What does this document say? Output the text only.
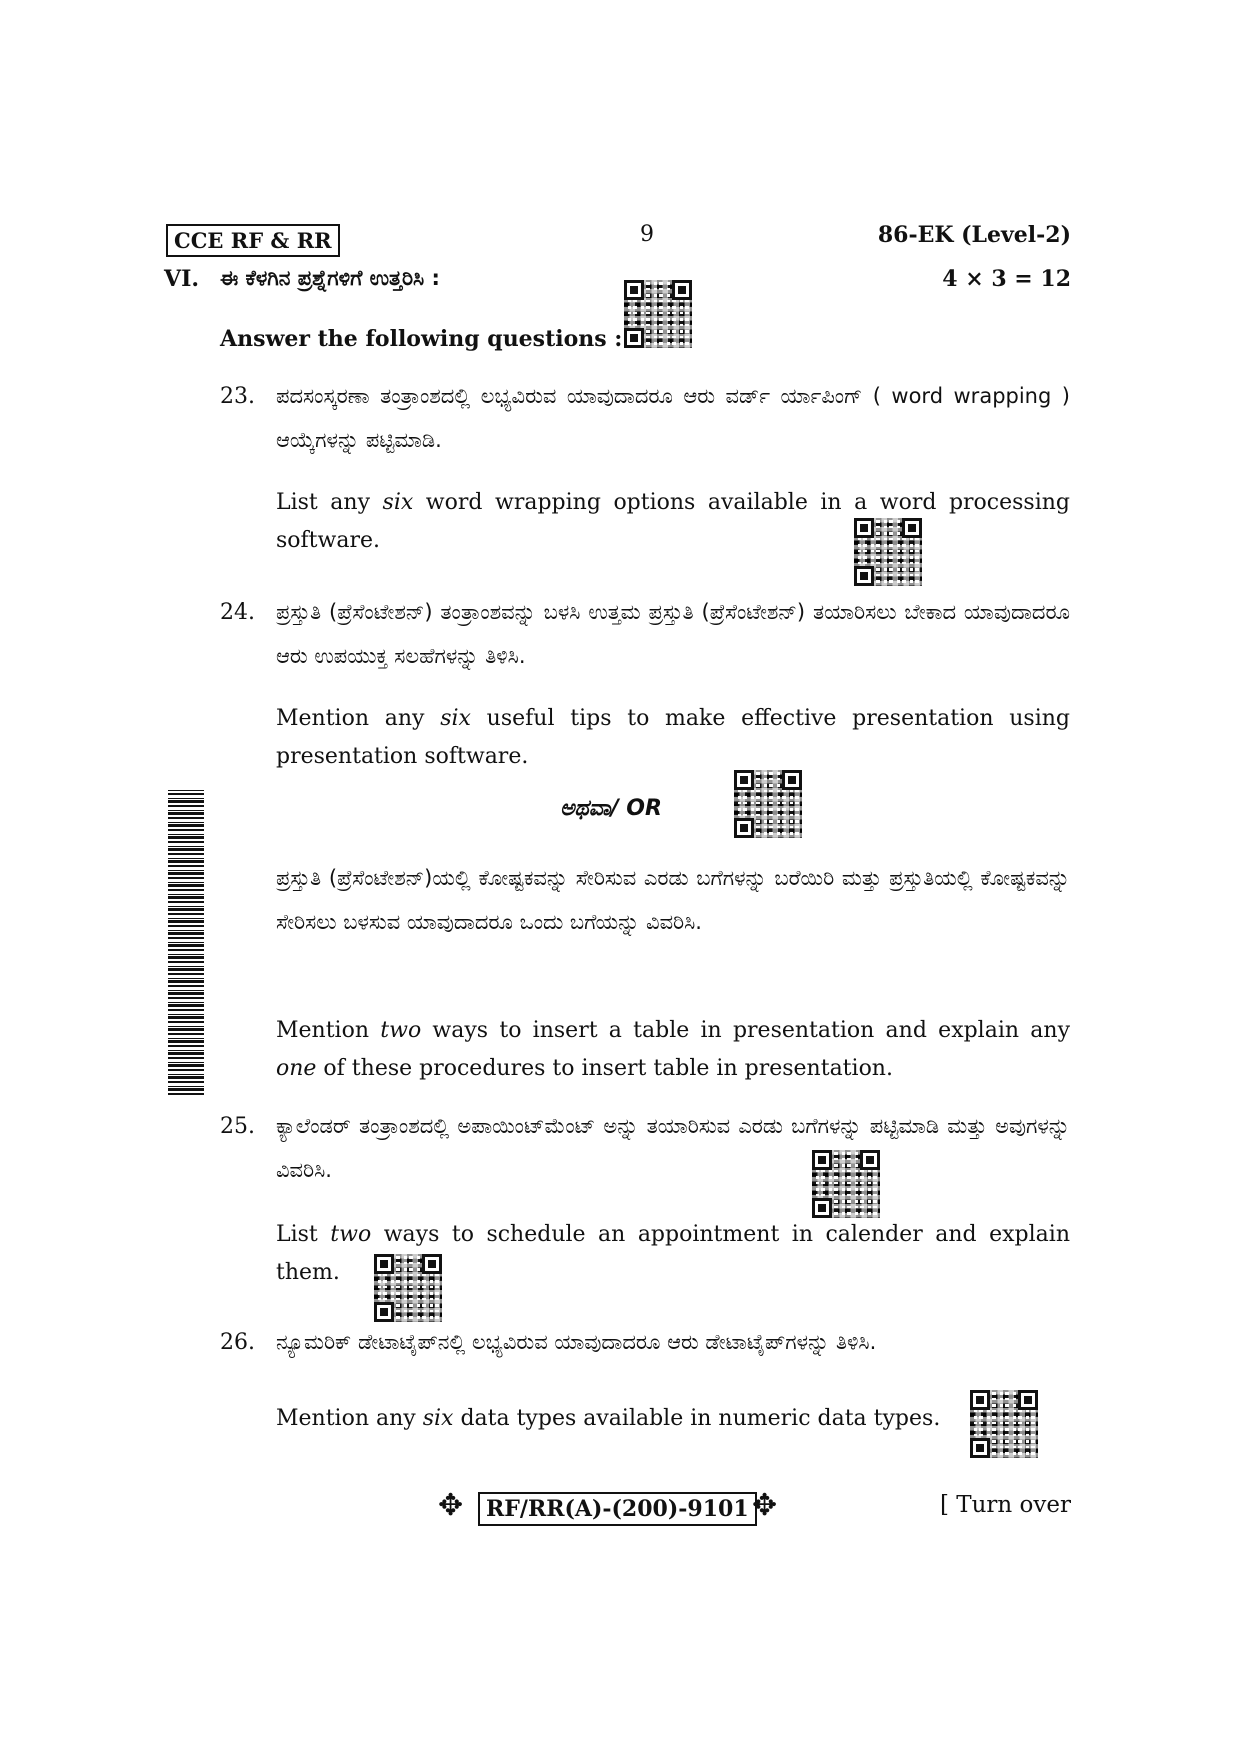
CCE RF & RR	9	86-EK (Level-2)
VI. ಈ ಕೆಳಗಿನ ಪ್ರಶ್ನೆಗಳಿಗೆ ಉತ್ತರಿಸಿ :	4 × 3 = 12
Answer the following questions :
23. ಪದಸಂಸ್ಕರಣಾ ತಂತ್ರಾಂಶದಲ್ಲಿ ಲಭ್ಯವಿರುವ ಯಾವುದಾದರೂ ಆರು ವರ್ಡ್ ರ್ಯಾಪಿಂಗ್ ( word wrapping ) ಆಯ್ಕೆಗಳನ್ನು ಪಟ್ಟಿಮಾಡಿ.
List any six word wrapping options available in a word processing software.
24. ಪ್ರಸ್ತುತಿ (ಪ್ರೆಸೆಂಟೇಶನ್) ತಂತ್ರಾಂಶವನ್ನು ಬಳಸಿ ಉತ್ತಮ ಪ್ರಸ್ತುತಿ (ಪ್ರೆಸೆಂಟೇಶನ್) ತಯಾರಿಸಲು ಬೇಕಾದ ಯಾವುದಾದರೂ ಆರು ಉಪಯುಕ್ತ ಸಲಹೆಗಳನ್ನು ತಿಳಿಸಿ.
Mention any six useful tips to make effective presentation using presentation software.
ಅಥವಾ/ OR
ಪ್ರಸ್ತುತಿ (ಪ್ರೆಸೆಂಟೇಶನ್)ಯಲ್ಲಿ ಕೋಷ್ಟಕವನ್ನು ಸೇರಿಸುವ ಎರಡು ಬಗೆಗಳನ್ನು ಬರೆಯಿರಿ ಮತ್ತು ಪ್ರಸ್ತುತಿಯಲ್ಲಿ ಕೋಷ್ಟಕವನ್ನು ಸೇರಿಸಲು ಬಳಸುವ ಯಾವುದಾದರೂ ಒಂದು ಬಗೆಯನ್ನು ವಿವರಿಸಿ.
Mention two ways to insert a table in presentation and explain any one of these procedures to insert table in presentation.
25. ಕ್ಯಾಲೆಂಡರ್ ತಂತ್ರಾಂಶದಲ್ಲಿ ಅಪಾಯಿಂಟ್‌ಮೆಂಟ್ ಅನ್ನು ತಯಾರಿಸುವ ಎರಡು ಬಗೆಗಳನ್ನು ಪಟ್ಟಿಮಾಡಿ ಮತ್ತು ಅವುಗಳನ್ನು ವಿವರಿಸಿ.
List two ways to schedule an appointment in calender and explain them.
26. ನ್ಯೂಮರಿಕ್ ಡೇಟಾಟೈಪ್‌ನಲ್ಲಿ ಲಭ್ಯವಿರುವ ಯಾವುದಾದರೂ ಆರು ಡೇಟಾಟೈಪ್‌ಗಳನ್ನು ತಿಳಿಸಿ.
Mention any six data types available in numeric data types.
✥	RF/RR(A)-(200)-9101 ✥	[ Turn over
